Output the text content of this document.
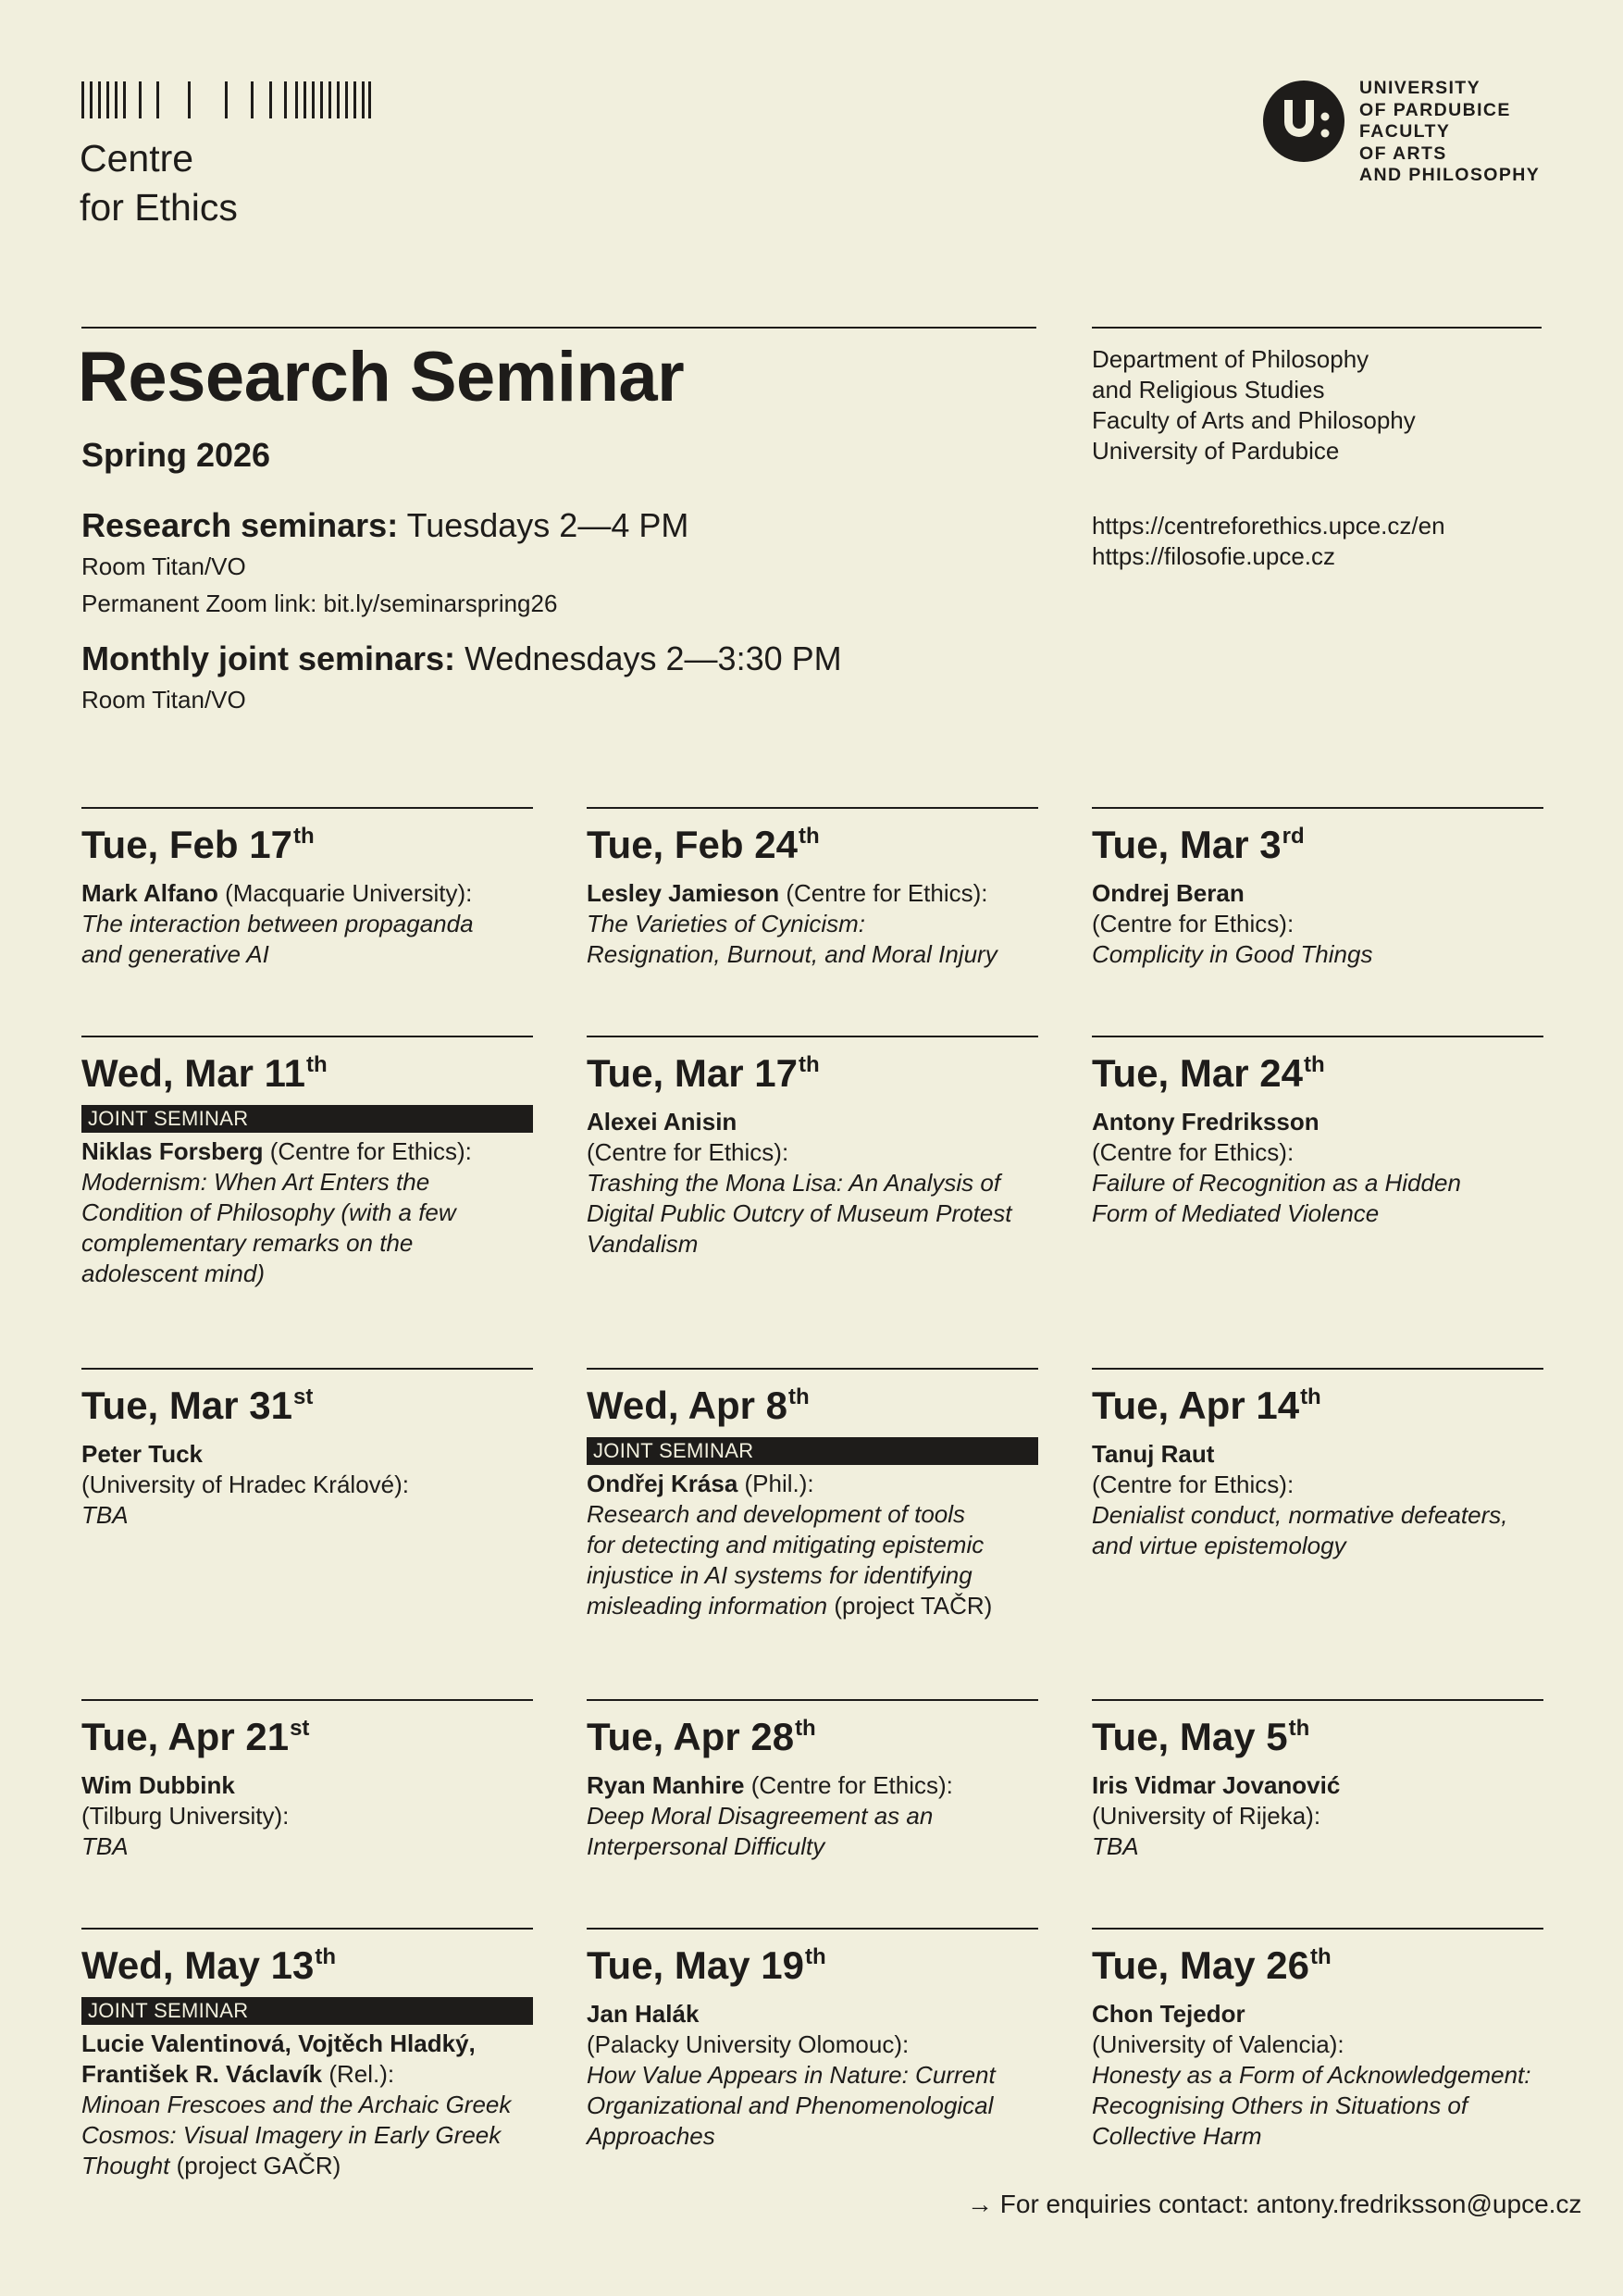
Centre
for Ethics
UNIVERSITY
OF PARDUBICE
FACULTY
OF ARTS
AND PHILOSOPHY
Research Seminar
Spring 2026
Research seminars: Tuesdays 2—4 PM
Room Titan/VO
Permanent Zoom link: bit.ly/seminarspring26
Monthly joint seminars: Wednesdays 2—3:30 PM
Room Titan/VO
Department of Philosophy
and Religious Studies
Faculty of Arts and Philosophy
University of Pardubice
https://centreforethics.upce.cz/en
https://filosofie.upce.cz
Tue, Feb 17th
Mark Alfano (Macquarie University):
The interaction between propaganda
and generative AI
Tue, Feb 24th
Lesley Jamieson (Centre for Ethics):
The Varieties of Cynicism:
Resignation, Burnout, and Moral Injury
Tue, Mar 3rd
Ondrej Beran
(Centre for Ethics):
Complicity in Good Things
Wed, Mar 11th
JOINT SEMINAR
Niklas Forsberg (Centre for Ethics):
Modernism: When Art Enters the
Condition of Philosophy (with a few
complementary remarks on the
adolescent mind)
Tue, Mar 17th
Alexei Anisin
(Centre for Ethics):
Trashing the Mona Lisa: An Analysis of
Digital Public Outcry of Museum Protest
Vandalism
Tue, Mar 24th
Antony Fredriksson
(Centre for Ethics):
Failure of Recognition as a Hidden
Form of Mediated Violence
Tue, Mar 31st
Peter Tuck
(University of Hradec Králové):
TBA
Wed, Apr 8th
JOINT SEMINAR
Ondřej Krása (Phil.):
Research and development of tools
for detecting and mitigating epistemic
injustice in AI systems for identifying
misleading information (project TAČR)
Tue, Apr 14th
Tanuj Raut
(Centre for Ethics):
Denialist conduct, normative defeaters,
and virtue epistemology
Tue, Apr 21st
Wim Dubbink
(Tilburg University):
TBA
Tue, Apr 28th
Ryan Manhire (Centre for Ethics):
Deep Moral Disagreement as an
Interpersonal Difficulty
Tue, May 5th
Iris Vidmar Jovanović
(University of Rijeka):
TBA
Wed, May 13th
JOINT SEMINAR
Lucie Valentinová, Vojtěch Hladký,
František R. Václavík (Rel.):
Minoan Frescoes and the Archaic Greek
Cosmos: Visual Imagery in Early Greek
Thought (project GAČR)
Tue, May 19th
Jan Halák
(Palacky University Olomouc):
How Value Appears in Nature: Current
Organizational and Phenomenological
Approaches
Tue, May 26th
Chon Tejedor
(University of Valencia):
Honesty as a Form of Acknowledgement:
Recognising Others in Situations of
Collective Harm
→ For enquiries contact: antony.fredriksson@upce.cz
